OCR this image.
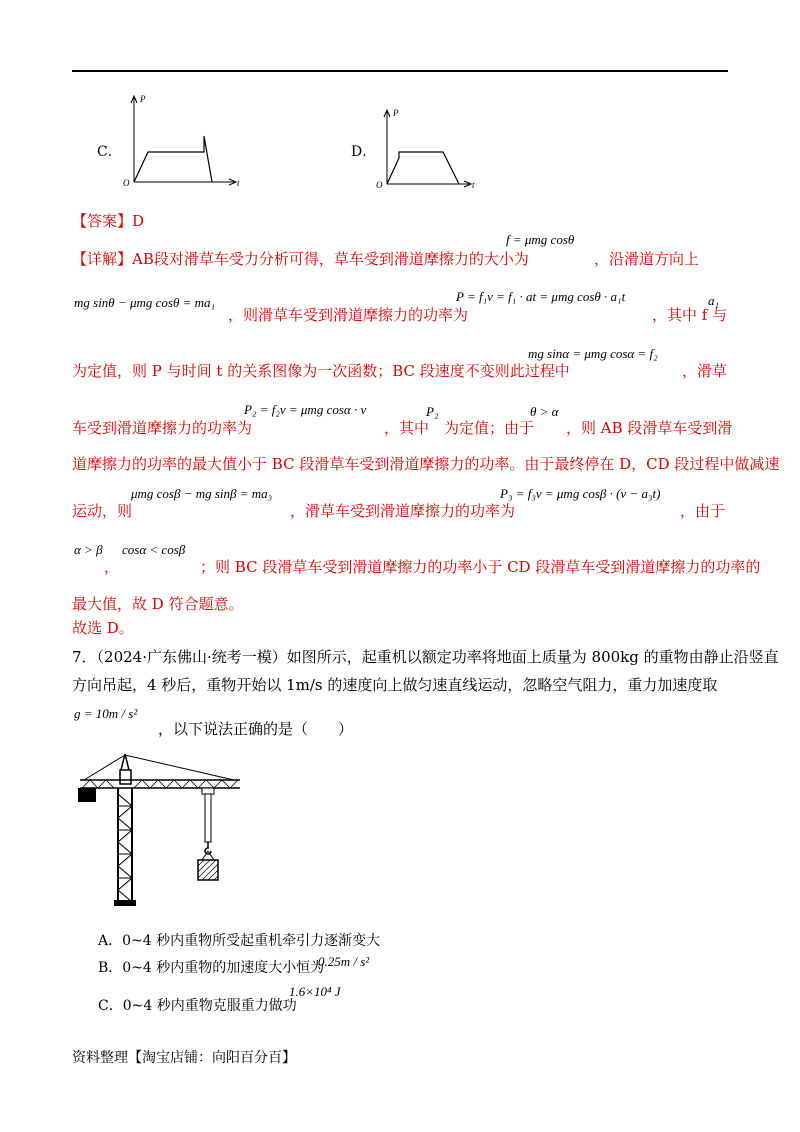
C．
P
O	t
D．
P
O	t
【答案】D
【详解】AB段对滑草车受力分析可得，草车受到滑道摩擦力的大小为
f = μmg cosθ
，沿滑道方向上
mg sinθ − μmg cosθ = ma₁
，则滑草车受到滑道摩擦力的功率为
P = f₁v = f₁ · at = μmg cosθ · a₁t
，其中 f 与
a₁
为定值，则 P 与时间 t 的关系图像为一次函数；BC 段速度不变则此过程中
mg sinα = μmg cosα = f₂
，滑草
车受到滑道摩擦力的功率为
P₂ = f₂v = μmg cosα · v
，其中
P₂
为定值；由于
θ > α
，则 AB 段滑草车受到滑
道摩擦力的功率的最大值小于 BC 段滑草车受到滑道摩擦力的功率。由于最终停在 D，CD 段过程中做减速
运动，则
μmg cosβ − mg sinβ = ma₃
，滑草车受到滑道摩擦力的功率为
P₃ = f₃v = μmg cosβ · (v − a₃t)
，由于
α > β
，
cosα < cosβ
；则 BC 段滑草车受到滑道摩擦力的功率小于 CD 段滑草车受到滑道摩擦力的功率的
最大值，故 D 符合题意。
故选 D。
7．（2024·广东佛山·统考一模）如图所示，起重机以额定功率将地面上质量为 800kg 的重物由静止沿竖直
方向吊起，4 秒后，重物开始以 1m/s 的速度向上做匀速直线运动，忽略空气阻力，重力加速度取
g = 10m / s²
，以下说法正确的是（　　）
A．0~4 秒内重物所受起重机牵引力逐渐变大
B．0~4 秒内重物的加速度大小恒为
0.25m / s²
C．0~4 秒内重物克服重力做功
1.6×10⁴ J
资料整理【淘宝店铺：向阳百分百】
